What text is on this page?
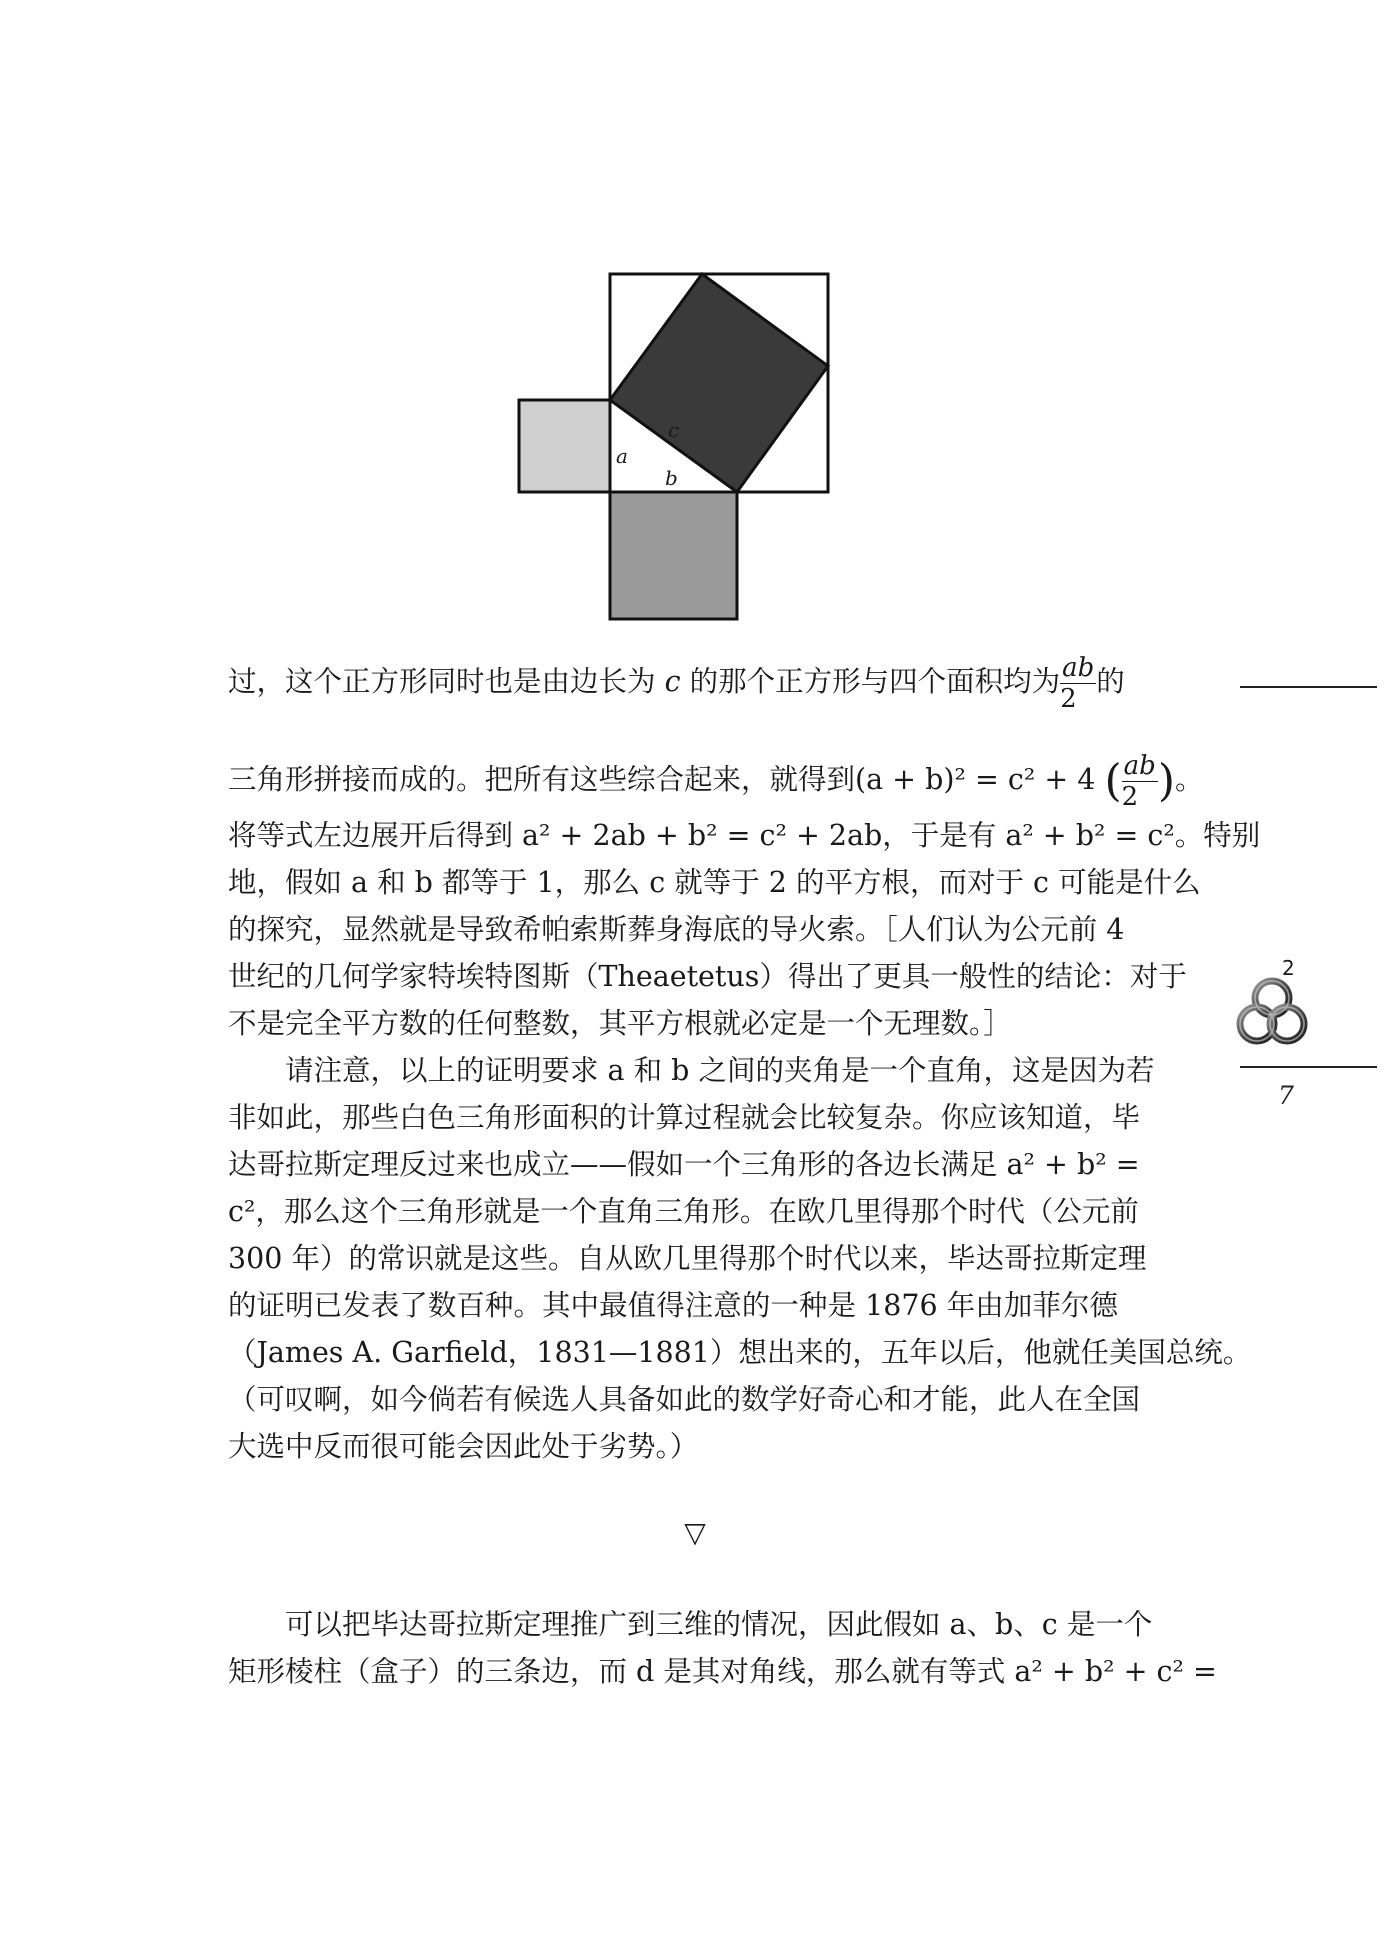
c
a
b

过，这个正方形同时也是由边长为 c 的那个正方形与四个面积均为 $\frac{ab}{2}$ 的

三角形拼接而成的。把所有这些综合起来，就得到(a + b)² = c² + 4 ( $\frac{ab}{2}$ )。

将等式左边展开后得到 a² + 2ab + b² = c² + 2ab，于是有 a² + b² = c²。特别

地，假如 a 和 b 都等于 1，那么 c 就等于 2 的平方根，而对于 c 可能是什么

的探究，显然就是导致希帕索斯葬身海底的导火索。［人们认为公元前 4

世纪的几何学家特埃特图斯（Theaetetus）得出了更具一般性的结论：对于

不是完全平方数的任何整数，其平方根就必定是一个无理数。］

请注意，以上的证明要求 a 和 b 之间的夹角是一个直角，这是因为若

非如此，那些白色三角形面积的计算过程就会比较复杂。你应该知道，毕

达哥拉斯定理反过来也成立——假如一个三角形的各边长满足 a² + b² =

c²，那么这个三角形就是一个直角三角形。在欧几里得那个时代（公元前

300 年）的常识就是这些。自从欧几里得那个时代以来，毕达哥拉斯定理

的证明已发表了数百种。其中最值得注意的一种是 1876 年由加菲尔德

（James A. Garfield，1831—1881）想出来的，五年以后，他就任美国总统。

（可叹啊，如今倘若有候选人具备如此的数学好奇心和才能，此人在全国

大选中反而很可能会因此处于劣势。）

▽

可以把毕达哥拉斯定理推广到三维的情况，因此假如 a、b、c 是一个

矩形棱柱（盒子）的三条边，而 d 是其对角线，那么就有等式 a² + b² + c² =

2
7
